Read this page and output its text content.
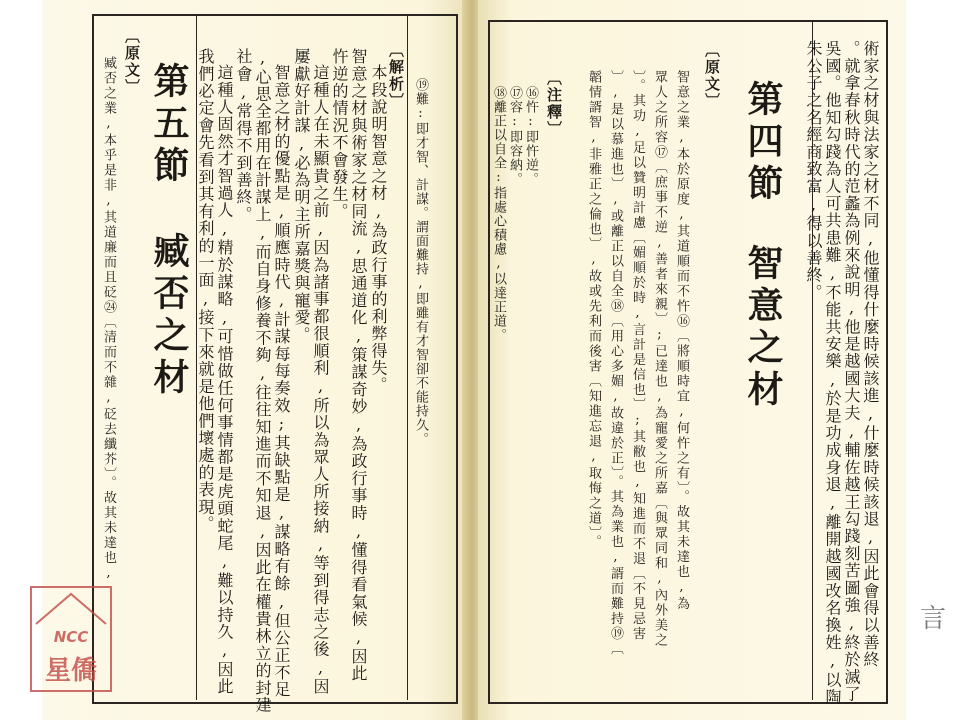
言
⑲難:即才智、計謀。謂面難持,即雖有才智卻不能持久。
〔解析〕
本段說明智意之材,為政行事的利弊得失。
智意之材與術家之材同流,思通道化,策謀奇妙,為政行事時,懂得看氣候,因此
忤逆的情況不會發生。
這種人在未顯貴之前,因為諸事都很順利,所以為眾人所接納,等到得志之後,因
屢獻好計謀,必為明主所嘉獎與寵愛。
智意之材的優點是,順應時代,計謀每每奏效;其缺點是,謀略有餘,但公正不足
,心思全都用在計謀上,而自身修養不夠,往往知進而不知退,因此在權貴林立的封建
社會,常得不到善終。
這種人固然才智過人,精於謀略,可惜做任何事情都是虎頭蛇尾,難以持久,因此
我們必定會先看到其有利的一面,接下來就是他們壞處的表現。
第五節
臧否之材
〔原文〕
臧否之業,本乎是非,其道廉而且砭㉔〔清而不雜,砭去纖芥〕。故其未達也,
NCC
星僑
術家之材與法家之材不同,他懂得什麼時候該進,什麼時候該退,因此會得以善終
。就拿春秋時代的范蠡為例來說明,他是越國大夫,輔佐越王勾踐刻苦圖強,終於滅了
吳國。他知勾踐為人可共患難,不能共安樂,於是功成身退,離開越國改名換姓,以陶
朱公子之名經商致富,得以善終。
第四節
智意之材
〔原文〕
智意之業,本於原度,其道順而不忤⑯〔將順時宜,何忤之有〕。故其未達也,為
眾人之所容⑰〔庶事不逆,善者來親〕;已達也,為寵愛之所嘉〔與眾同和,內外美之
〕。其功,足以贊明計慮〔媚順於時,言計是信也〕;其敝也,知進而不退〔不見忌害
〕,是以慕進也〕,或離正以自全⑱〔用心多媚,故違於正〕。其為業也,諝而難持⑲〔
韜情諝智,非雅正之倫也〕,故或先利而後害〔知進忘退,取悔之道〕。
〔注釋〕
⑯忤:即忤逆。
⑰容:即容納。
⑱離正以自全:指處心積慮,以達正道。
